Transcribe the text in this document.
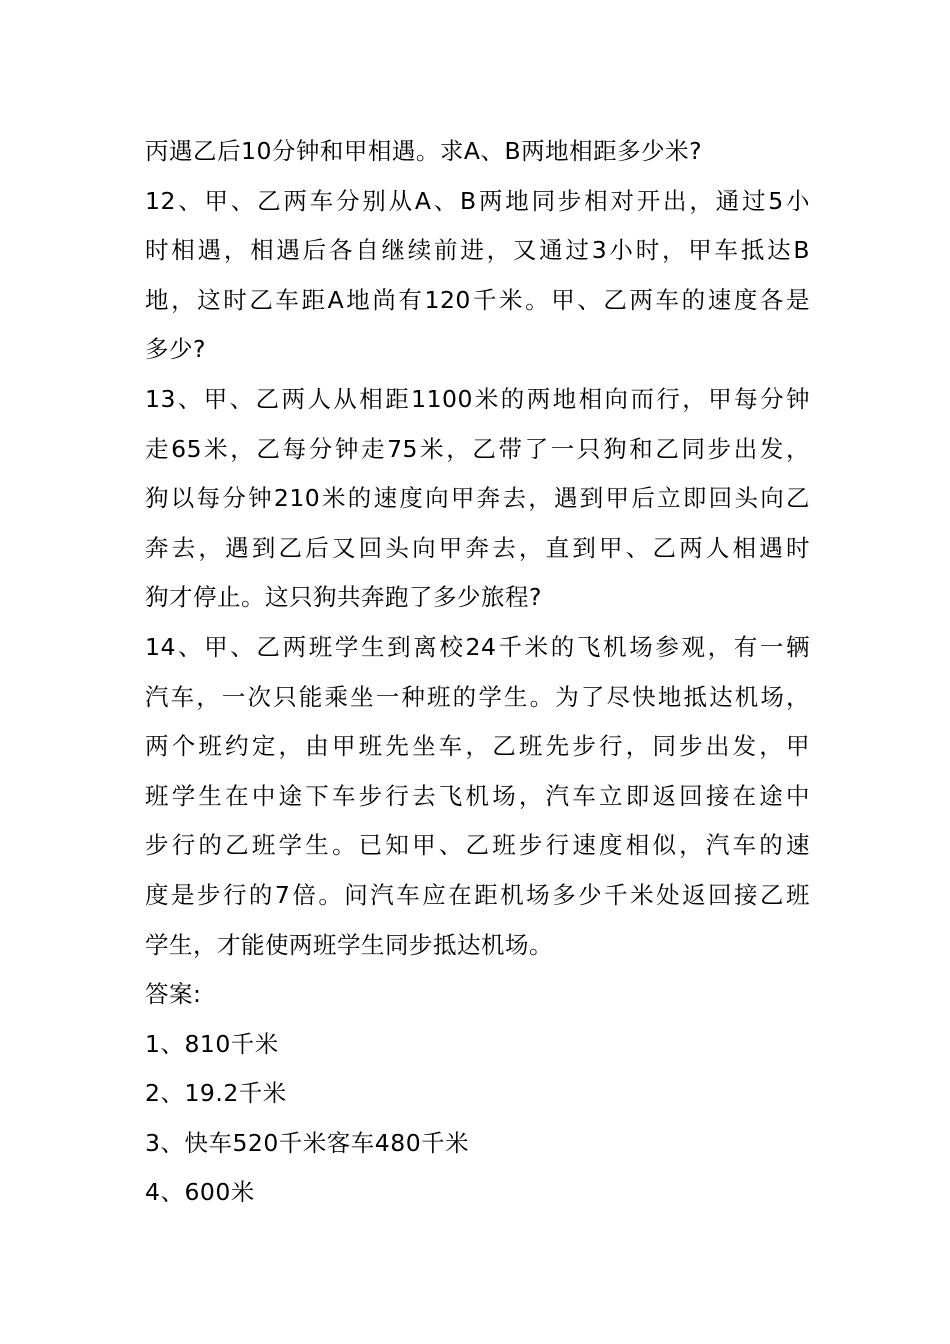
丙遇乙后10分钟和甲相遇。求A、B两地相距多少米?
12、甲、乙两车分别从A、B两地同步相对开出，通过5小
时相遇，相遇后各自继续前进，又通过3小时，甲车抵达B
地，这时乙车距A地尚有120千米。甲、乙两车的速度各是
多少?
13、甲、乙两人从相距1100米的两地相向而行，甲每分钟
走65米，乙每分钟走75米，乙带了一只狗和乙同步出发，
狗以每分钟210米的速度向甲奔去，遇到甲后立即回头向乙
奔去，遇到乙后又回头向甲奔去，直到甲、乙两人相遇时
狗才停止。这只狗共奔跑了多少旅程?
14、甲、乙两班学生到离校24千米的飞机场参观，有一辆
汽车，一次只能乘坐一种班的学生。为了尽快地抵达机场，
两个班约定，由甲班先坐车，乙班先步行，同步出发，甲
班学生在中途下车步行去飞机场，汽车立即返回接在途中
步行的乙班学生。已知甲、乙班步行速度相似，汽车的速
度是步行的7倍。问汽车应在距机场多少千米处返回接乙班
学生，才能使两班学生同步抵达机场。
答案:
1、810千米
2、19.2千米
3、快车520千米客车480千米
4、600米
